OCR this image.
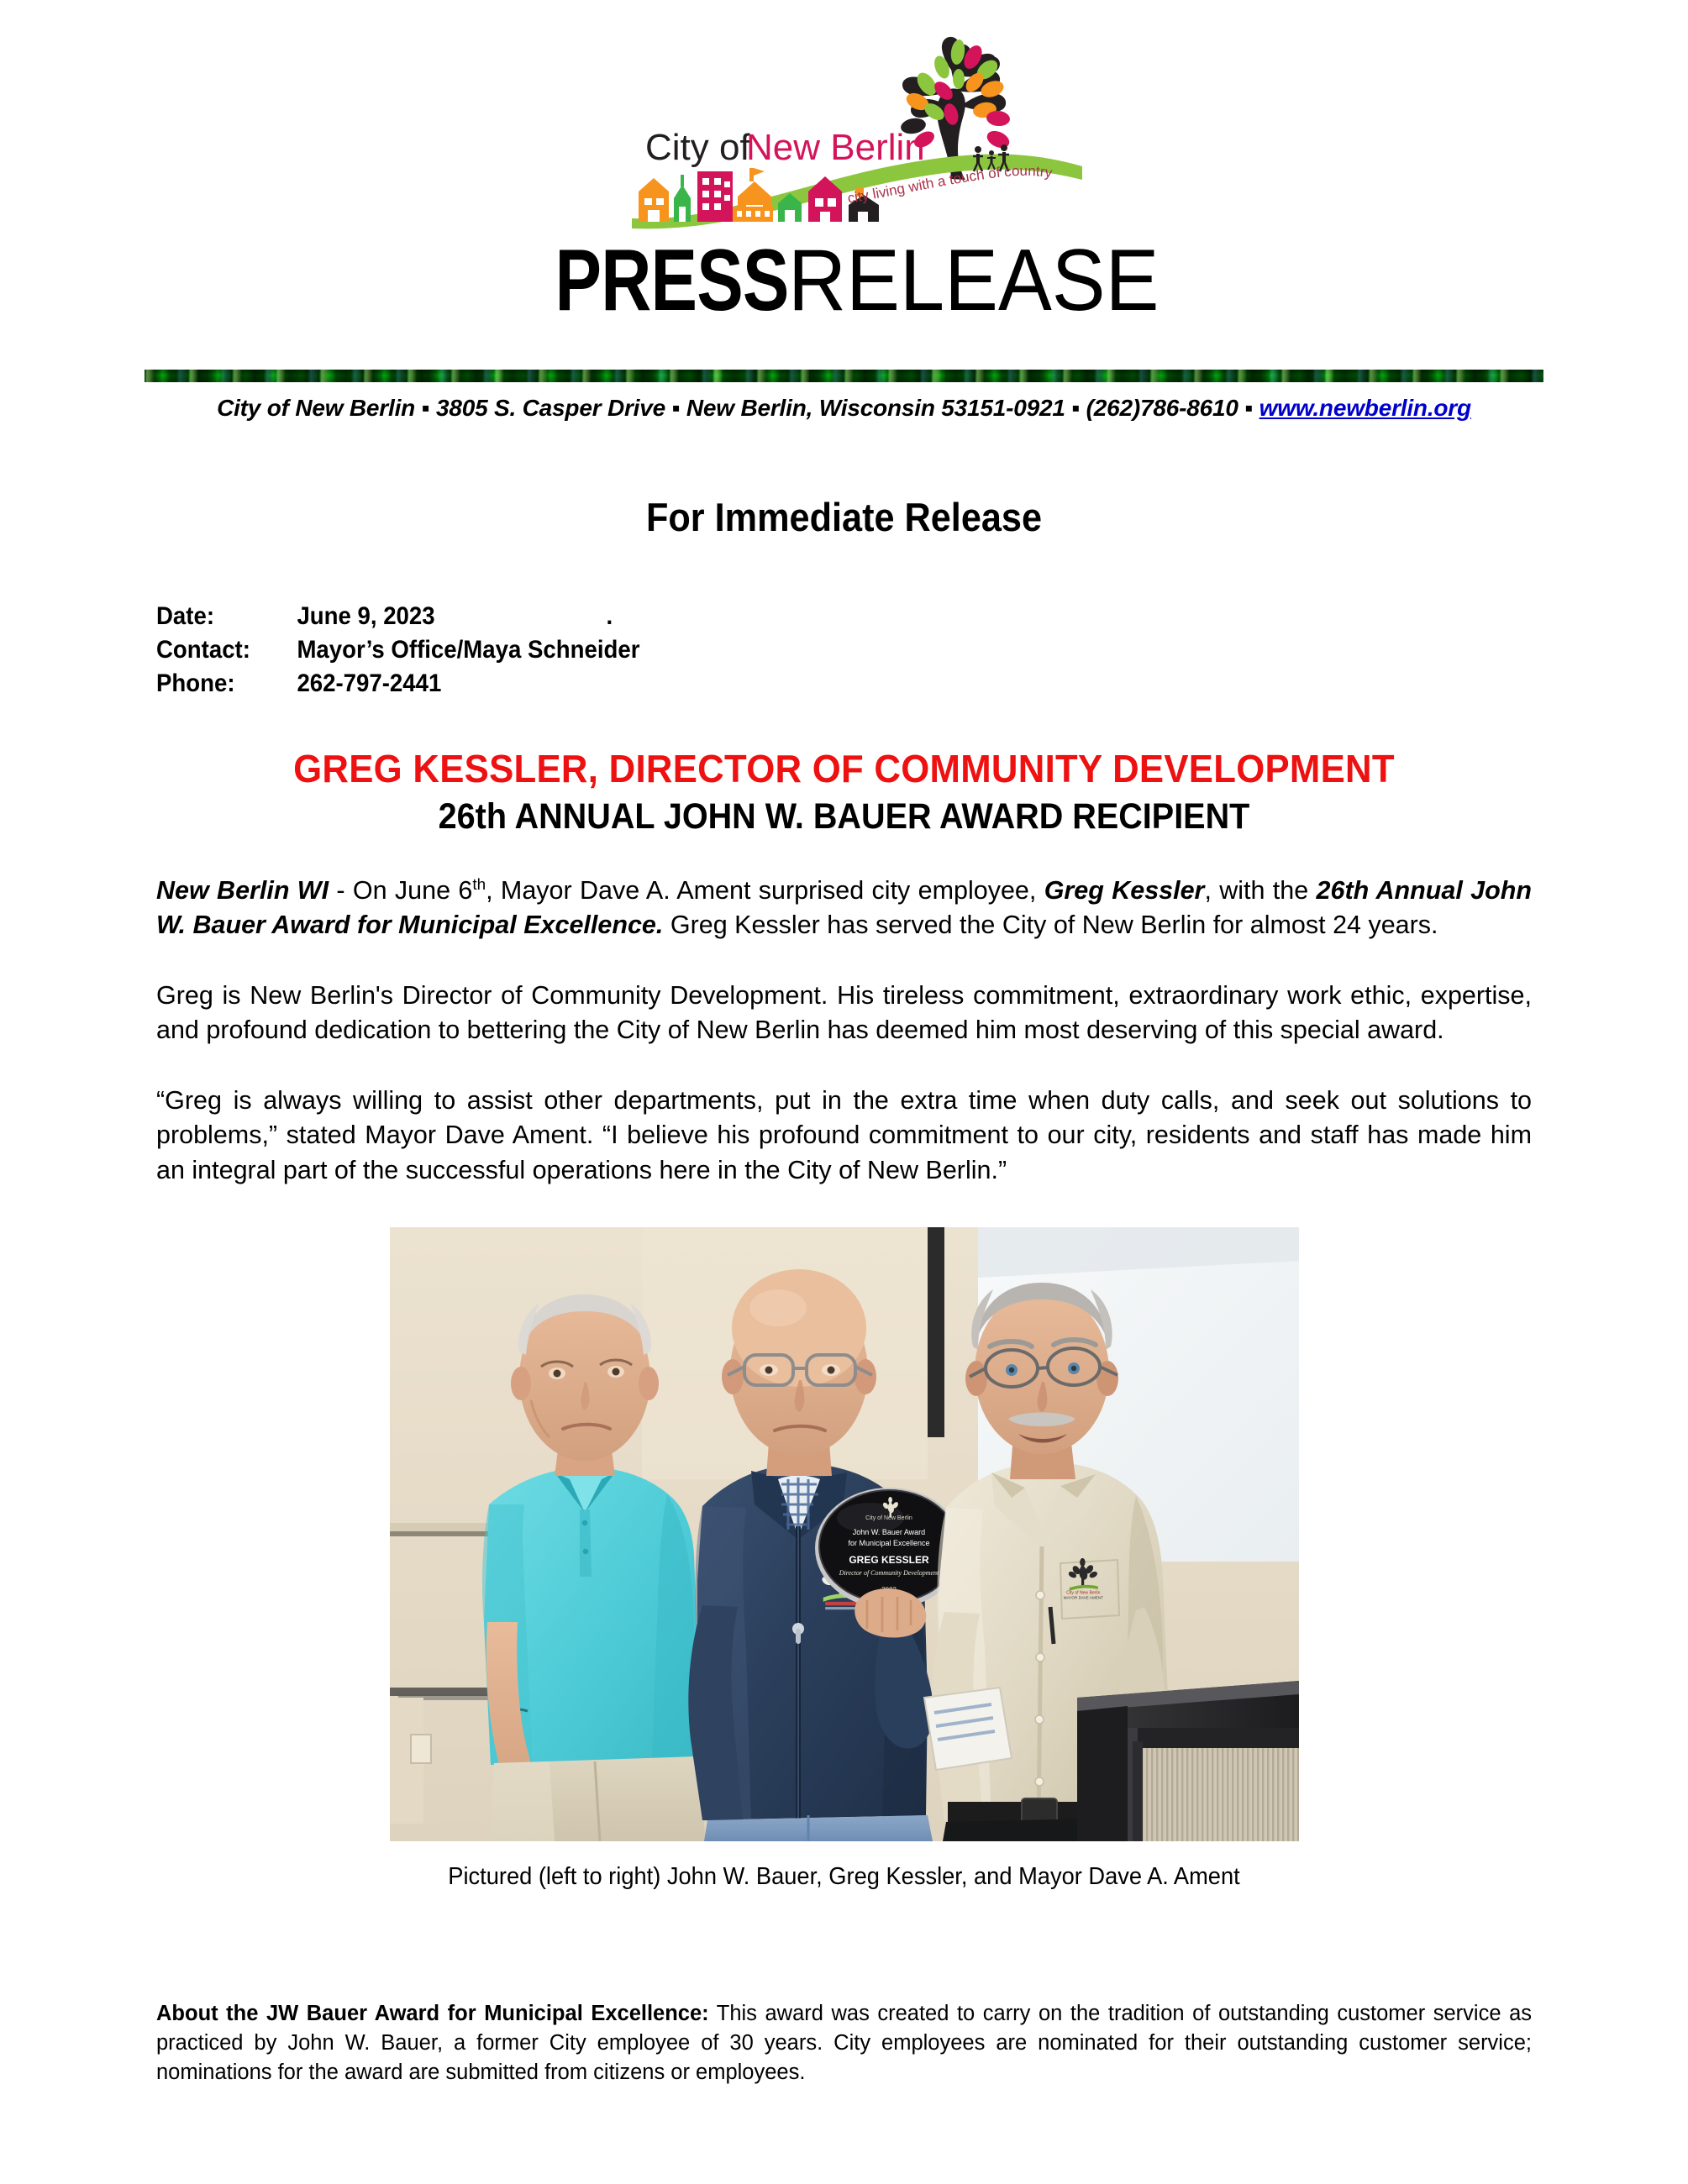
City of
New Berlin
city living with a touch of country
PRESSRELEASE
City of New Berlin ▪ 3805 S. Casper Drive ▪ New Berlin, Wisconsin 53151-0921 ▪ (262)786-8610 ▪ www.newberlin.org
For Immediate Release
Date:	June 9, 2023	.
Contact: Mayor’s Office/Maya Schneider
Phone: 262-797-2441
GREG KESSLER, DIRECTOR OF COMMUNITY DEVELOPMENT
26th ANNUAL JOHN W. BAUER AWARD RECIPIENT
New Berlin WI - On June 6th, Mayor Dave A. Ament surprised city employee, Greg Kessler, with the 26th Annual John W. Bauer Award for Municipal Excellence. Greg Kessler has served the City of New Berlin for almost 24 years.
Greg is New Berlin's Director of Community Development. His tireless commitment, extraordinary work ethic, expertise, and profound dedication to bettering the City of New Berlin has deemed him most deserving of this special award.
“Greg is always willing to assist other departments, put in the extra time when duty calls, and seek out solutions to problems,” stated Mayor Dave Ament. “I believe his profound commitment to our city, residents and staff has made him an integral part of the successful operations here in the City of New Berlin.”
Pictured (left to right) John W. Bauer, Greg Kessler, and Mayor Dave A. Ament
About the JW Bauer Award for Municipal Excellence: This award was created to carry on the tradition of outstanding customer service as practiced by John W. Bauer, a former City employee of 30 years. City employees are nominated for their outstanding customer service; nominations for the award are submitted from citizens or employees.
